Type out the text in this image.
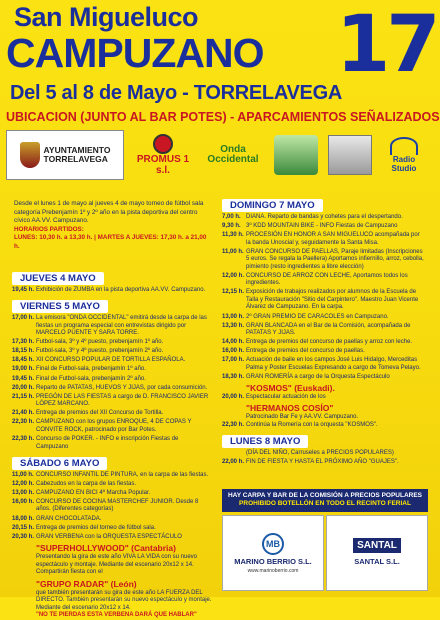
San Migueluco
CAMPUZANO 17
Del 5 al 8 de Mayo - TORRELAVEGA
UBICACION (JUNTO AL BAR POTES) - APARCAMIENTOS SEÑALIZADOS
AYUNTAMIENTO
TORRELAVEGA	PROMUS 1 s.l.
Onda
Occidental	Radio
Studio
Desde el lunes 1 de mayo al jueves 4 de mayo torneo de fútbol sala categoría Prebenjamín 1º y 2º año en la pista deportiva del centro cívico AA.VV. Campuzano.
HORARIOS PARTIDOS:
LUNES: 10,30 h. a 13,30 h. | MARTES A JUEVES: 17,30 h. a 21,00 h.
JUEVES 4 MAYO
19,45 h. Exhibición de ZUMBA en la pista deportiva AA.VV. Campuzano.
VIERNES 5 MAYO
17,00 h. La emisora "ONDA OCCIDENTAL" emitirá desde la carpa de las fiestas un programa especial con entrevistas dirigido por MARCELO PUENTE Y SARA TORRE.
17,30 h. Futbol-sala, 3º y 4º puesto, prebenjamín 1º año.
18,15 h. Futbol-sala, 3º y 4º puesto, prebenjamín 2º año.
18,45 h. XII CONCURSO POPULAR DE TORTILLA ESPAÑOLA.
19,00 h. Final de Futbol-sala, prebenjamín 1º año.
19,45 h. Final de Futbol-sala, prebenjamín 2º año.
20,00 h. Reparto de PATATAS, HUEVOS Y JIJAS, por cada consumición.
21,15 h. PREGÓN DE LAS FIESTAS a cargo de D. FRANCISCO JAVIER LÓPEZ MARCANO.
21,40 h. Entrega de premios del XII Concurso de Tortilla.
22,30 h. CAMPUZANO con los grupos ENROQUE, 4 DE COPAS Y CONVITE ROCK, patrocinado por Bar Potes.
22,30 h. Concurso de POKER. - INFO e inscripción Fiestas de Campuzano
SÁBADO 6 MAYO
11,00 h. CONCURSO INFANTIL DE PINTURA, en la carpa de las fiestas.
12,00 h. Cabezudos en la carpa de las fiestas.
13,00 h. CAMPUZANO EN BICI 4ª Marcha Popular.
16,00 h. CONCURSO DE COCINA MASTERCHEF JUNIOR. Desde 8 años. (Diferentes categorías)
18,00 h. GRAN CHOCOLATADA.
20,15 h. Entrega de premios del torneo de fútbol sala.
20,30 h. GRAN VERBENA con la ORQUESTA ESPECTÁCULO
"SUPERHOLLYWOOD" (Cantabria)
Presentando la gira de este año VIVA LA VIDA con su nuevo espectáculo y montaje. Mediante del escenario 20x12 x 14. Compartirán fiesta con el
"GRUPO RADAR" (León)
que también presentarán su gira de este año LA FUERZA DEL DIRECTO. También presentarán su nuevo espectáculo y montaje. Mediante del escenario 20x12 x 14.
"NO TE PIERDAS ESTA VERBENA DARÁ QUE HABLAR"
DOMINGO 7 MAYO
7,00 h. DIANA. Reparto de bandas y cohetes para el despertando.
9,30 h. 3º KDD MOUNTAIN BIKE - INFO Fiestas de Campuzano
11,30 h. PROCESIÓN EN HONOR A SAN MIGUELUCO acompañada por la banda Unoscial y, seguidamente la Santa Misa.
11,00 h. GRAN CONCURSO DE PAELLAS, Paraje limitadas (Inscripciones 5 euros. Se regala la Paellera) Aportamos infiernillo, arroz, cebolla, pimiento (resto ingredientes a libre elección)
12,00 h. CONCURSO DE ARROZ CON LECHE, Aportamos todos los ingredientes.
12,15 h. Exposición de trabajos realizados por alumnos de la Escuela de Talla y Restauración "Sitio del Carpintero". Maestro Juan Vicente Álvarez de Campuzano. En la carpa.
13,00 h. 2º GRAN PREMIO DE CARACOLES en Campuzano.
13,30 h. GRAN BLANCADA en el Bar de la Comisión, acompañada de PATATAS Y JIJAS.
14,00 h. Entrega de premios del concurso de paellas y arroz con leche.
16,00 h. Entrega de premios del concurso de paellas.
17,00 h. Actuación de baile en los campos José Luis Hidalgo, Merceditas Palma y Poster Escuelas Expresando a cargo de Tomeva Pelayo.
18,30 h. GRAN ROMERÍA a cargo de la Orquesta Espectáculo
"KOSMOS" (Euskadi).
20,00 h. Espectacular actuación de los
"HERMANOS COSÍO"
Patrocinado Bar Fe y AA.VV. Campuzano.
22,30 h. Continúa la Romería con la orquesta "KOSMOS".
LUNES 8 MAYO
(DÍA DEL NIÑO, Carruseles a PRECIOS POPULARES)
22,00 h. FIN DE FIESTA Y HASTA EL PRÓXIMO AÑO "GUAJES".
HAY CARPA Y BAR DE LA COMISIÓN A PRECIOS POPULARES
PROHIBIDO BOTELLÓN EN TODO EL RECINTO FERIAL
MB
MARINO BERRIO S.L.
www.marinoberrio.com
SANTAL
SANTAL S.L.
